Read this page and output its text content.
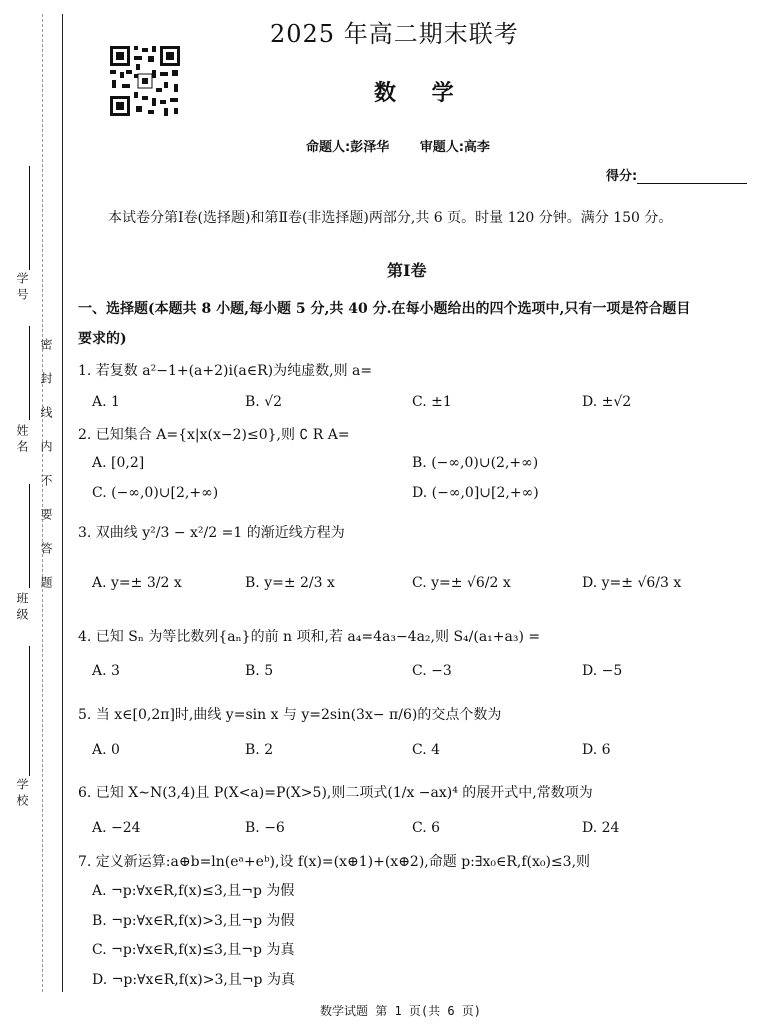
学 号
姓 名
班 级
学 校
密封线内不要答题
2025 年高二期末联考
数 学
命题人:彭泽华 审题人:高李
得分:
本试卷分第Ⅰ卷(选择题)和第Ⅱ卷(非选择题)两部分,共 6 页。时量 120 分钟。满分 150 分。
第Ⅰ卷
一、选择题(本题共 8 小题,每小题 5 分,共 40 分.在每小题给出的四个选项中,只有一项是符合题目
要求的)
1. 若复数 a²−1+(a+2)i(a∈R)为纯虚数,则 a=
A. 1	B. √2	C. ±1	D. ±√2
2. 已知集合 A={x|x(x−2)≤0},则 ∁ R A=
A. [0,2]	B. (−∞,0)∪(2,+∞)
C. (−∞,0)∪[2,+∞)	D. (−∞,0]∪[2,+∞)
3. 双曲线 y²/3 − x²/2 =1 的渐近线方程为
A. y=± 3/2 x	B. y=± 2/3 x	C. y=± √6/2 x	D. y=± √6/3 x
4. 已知 Sₙ 为等比数列{aₙ}的前 n 项和,若 a₄=4a₃−4a₂,则 S₄/(a₁+a₃) =
A. 3	B. 5	C. −3	D. −5
5. 当 x∈[0,2π]时,曲线 y=sin x 与 y=2sin(3x− π/6)的交点个数为
A. 0	B. 2	C. 4	D. 6
6. 已知 X∼N(3,4)且 P(X<a)=P(X>5),则二项式(1/x −ax)⁴ 的展开式中,常数项为
A. −24	B. −6	C. 6	D. 24
7. 定义新运算:a⊕b=ln(eᵃ+eᵇ),设 f(x)=(x⊕1)+(x⊕2),命题 p:∃x₀∈R,f(x₀)≤3,则
A. ¬p:∀x∈R,f(x)≤3,且¬p 为假
B. ¬p:∀x∈R,f(x)>3,且¬p 为假
C. ¬p:∀x∈R,f(x)≤3,且¬p 为真
D. ¬p:∀x∈R,f(x)>3,且¬p 为真
数学试题 第 1 页(共 6 页)
